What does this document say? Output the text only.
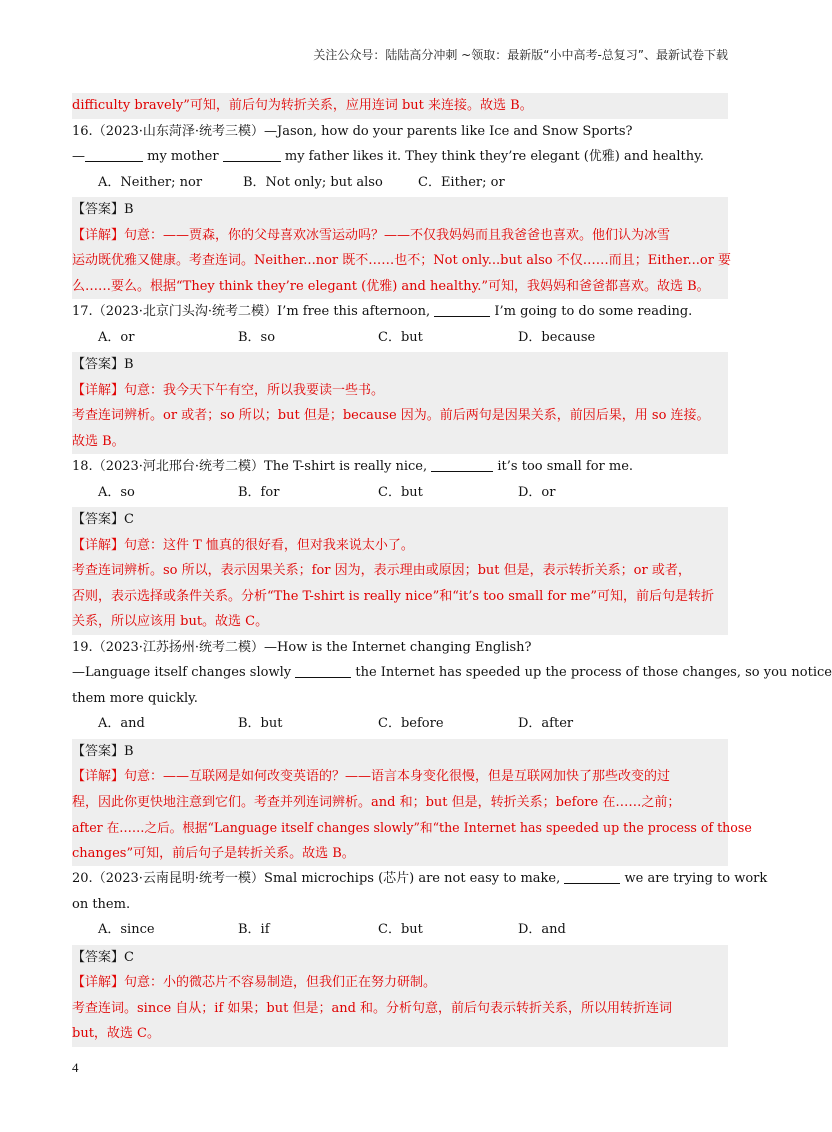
关注公众号：陆陆高分冲刺 ~领取：最新版“小中高考-总复习”、最新试卷下载
difficulty bravely”可知，前后句为转折关系，应用连词 but 来连接。故选 B。
16.（2023·山东菏泽·统考三模）—Jason, how do your parents like Ice and Snow Sports?
—	my mother	my father likes it. They think they’re elegant (优雅) and healthy.
A．Neither; nor	B．Not only; but also	C．Either; or
【答案】B
【详解】句意：——贾森，你的父母喜欢冰雪运动吗？——不仅我妈妈而且我爸爸也喜欢。他们认为冰雪
运动既优雅又健康。考查连词。Neither...nor 既不……也不；Not only...but also 不仅……而且；Either...or 要
么……要么。根据“They think they’re elegant (优雅) and healthy.”可知，我妈妈和爸爸都喜欢。故选 B。
17.（2023·北京门头沟·统考二模）I’m free this afternoon,	I’m going to do some reading.
A．or	B．so	C．but	D．because
【答案】B
【详解】句意：我今天下午有空，所以我要读一些书。
考查连词辨析。or 或者；so 所以；but 但是；because 因为。前后两句是因果关系，前因后果，用 so 连接。
故选 B。
18.（2023·河北邢台·统考二模）The T-shirt is really nice,	it’s too small for me.
A．so	B．for	C．but	D．or
【答案】C
【详解】句意：这件 T 恤真的很好看，但对我来说太小了。
考查连词辨析。so 所以，表示因果关系；for 因为，表示理由或原因；but 但是，表示转折关系；or 或者，
否则，表示选择或条件关系。分析“The T-shirt is really nice”和“it’s too small for me”可知，前后句是转折
关系，所以应该用 but。故选 C。
19.（2023·江苏扬州·统考二模）—How is the Internet changing English?
—Language itself changes slowly	the Internet has speeded up the process of those changes, so you notice
them more quickly.
A．and	B．but	C．before	D．after
【答案】B
【详解】句意：——互联网是如何改变英语的？——语言本身变化很慢，但是互联网加快了那些改变的过
程，因此你更快地注意到它们。考查并列连词辨析。and 和；but 但是，转折关系；before 在……之前；
after 在……之后。根据“Language itself changes slowly”和“the Internet has speeded up the process of those
changes”可知，前后句子是转折关系。故选 B。
20.（2023·云南昆明·统考一模）Smal microchips (芯片) are not easy to make,	we are trying to work
on them.
A．since	B．if	C．but	D．and
【答案】C
【详解】句意：小的微芯片不容易制造，但我们正在努力研制。
考查连词。since 自从；if 如果；but 但是；and 和。分析句意，前后句表示转折关系，所以用转折连词
but，故选 C。
4
